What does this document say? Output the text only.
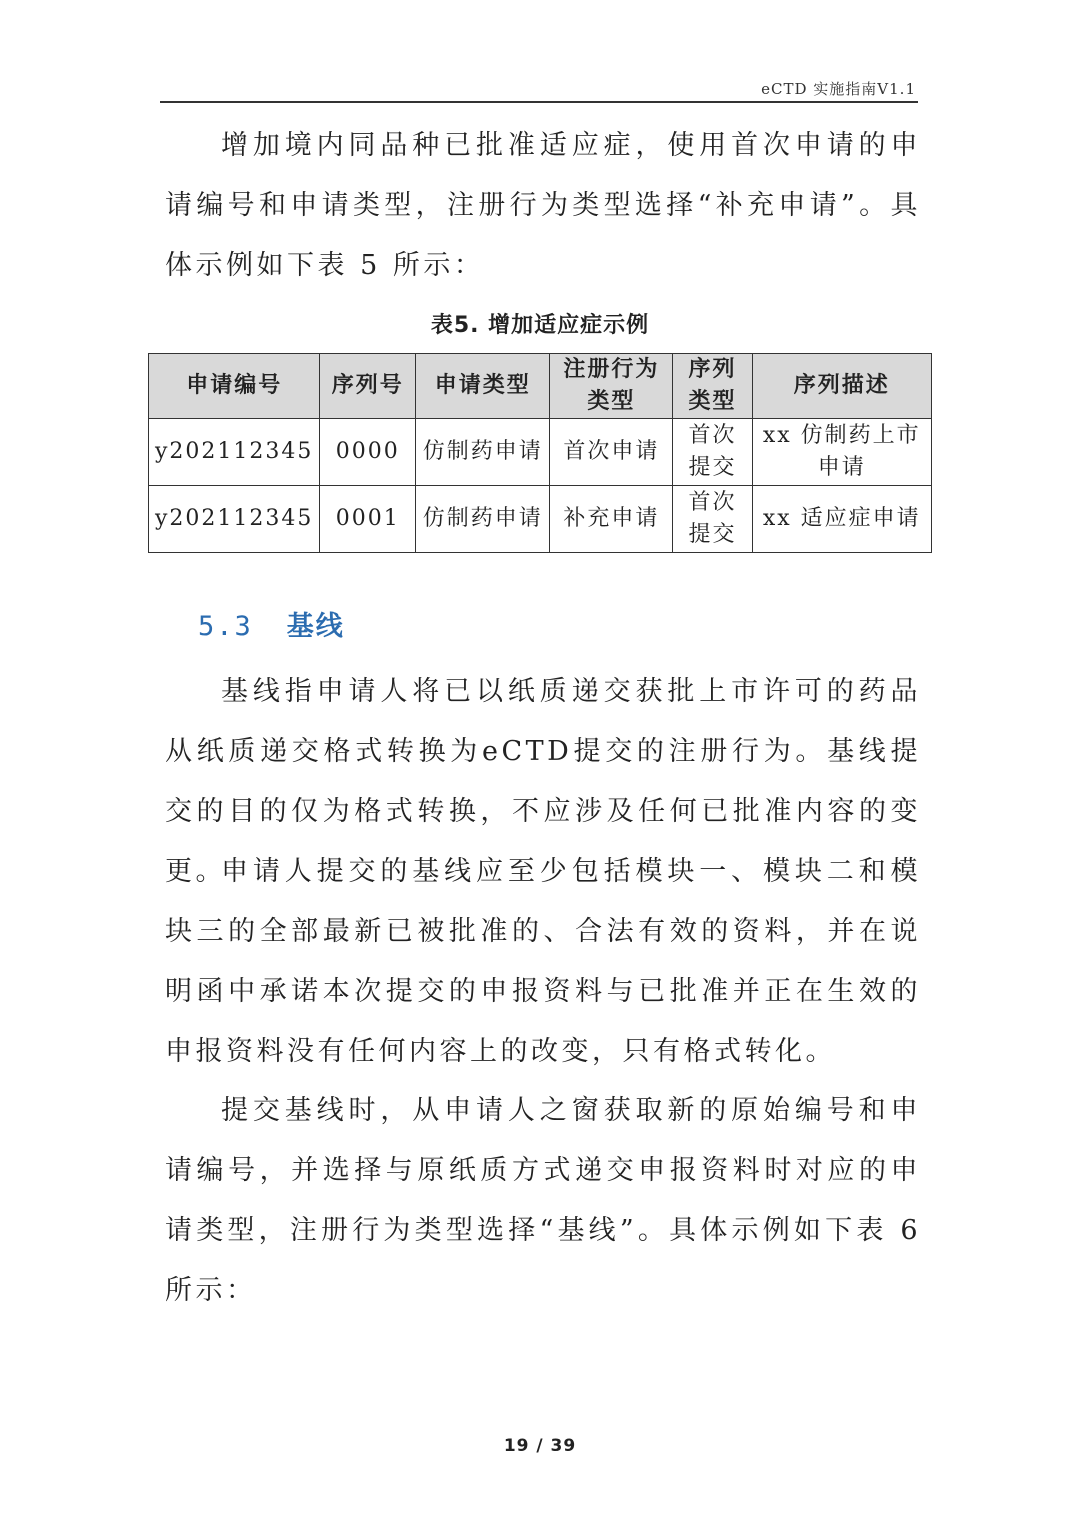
eCTD 实施指南V1.1

增加境内同品种已批准适应症，使用首次申请的申请编号和申请类型，注册行为类型选择“补充申请”。具体示例如下表 5 所示：

表5. 增加适应症示例
申请编号	序列号	申请类型	注册行为类型	序列类型	序列描述
y202112345	0000	仿制药申请	首次申请	首次提交	xx 仿制药上市申请
y202112345	0001	仿制药申请	补充申请	首次提交	xx 适应症申请
5.3 基线

基线指申请人将已以纸质递交获批上市许可的药品从纸质递交格式转换为eCTD提交的注册行为。基线提交的目的仅为格式转换，不应涉及任何已批准内容的变更。

申请人提交的基线应至少包括模块一、模块二和模块三的全部最新已被批准的、合法有效的资料，并在说明函中承诺本次提交的申报资料与已批准并正在生效的申报资料没有任何内容上的改变，只有格式转化。

提交基线时，从申请人之窗获取新的原始编号和申请编号，并选择与原纸质方式递交申报资料时对应的申请类型，注册行为类型选择“基线”。具体示例如下表 6 所示：

19 / 39
